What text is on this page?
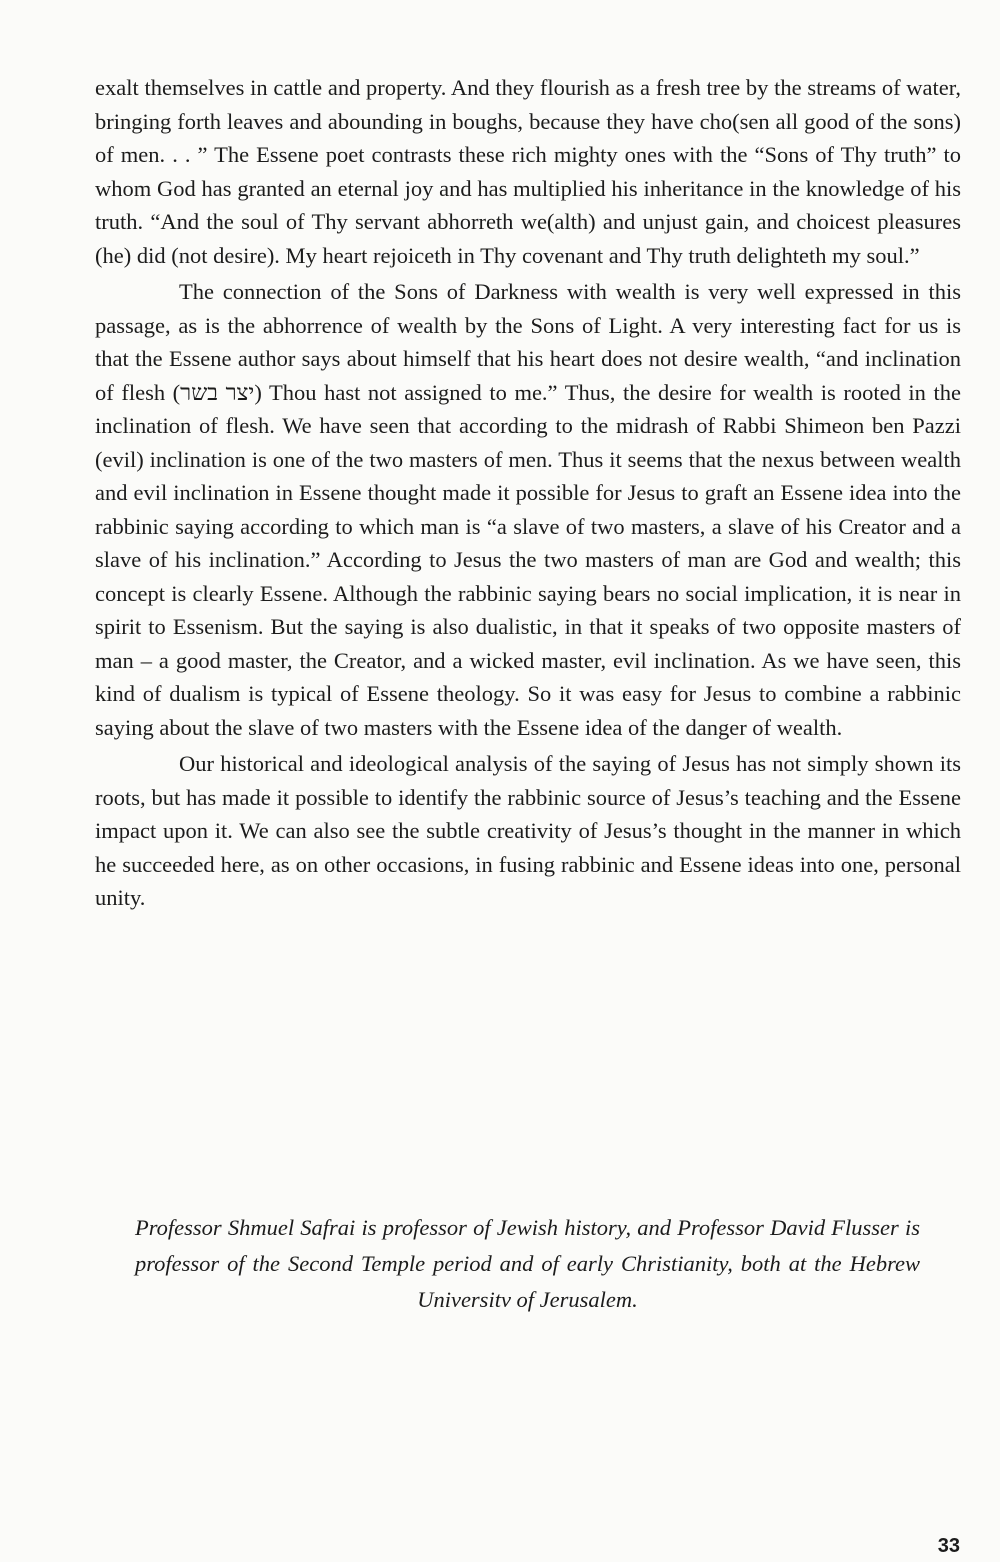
exalt themselves in cattle and property. And they flourish as a fresh tree by the streams of water, bringing forth leaves and abounding in boughs, because they have cho(sen all good of the sons) of men. . . ” The Essene poet contrasts these rich mighty ones with the “Sons of Thy truth” to whom God has granted an eternal joy and has multiplied his inheritance in the knowledge of his truth. “And the soul of Thy servant abhorreth we(alth) and unjust gain, and choicest pleasures (he) did (not desire). My heart rejoiceth in Thy covenant and Thy truth delighteth my soul.”

The connection of the Sons of Darkness with wealth is very well expressed in this passage, as is the abhorrence of wealth by the Sons of Light. A very interesting fact for us is that the Essene author says about himself that his heart does not desire wealth, “and inclination of flesh (יצר בשר) Thou hast not assigned to me.” Thus, the desire for wealth is rooted in the inclination of flesh. We have seen that according to the midrash of Rabbi Shimeon ben Pazzi (evil) inclination is one of the two masters of men. Thus it seems that the nexus between wealth and evil inclination in Essene thought made it possible for Jesus to graft an Essene idea into the rabbinic saying according to which man is “a slave of two masters, a slave of his Creator and a slave of his inclination.” According to Jesus the two masters of man are God and wealth; this concept is clearly Essene. Although the rabbinic saying bears no social implication, it is near in spirit to Essenism. But the saying is also dualistic, in that it speaks of two opposite masters of man – a good master, the Creator, and a wicked master, evil inclination. As we have seen, this kind of dualism is typical of Essene theology. So it was easy for Jesus to combine a rabbinic saying about the slave of two masters with the Essene idea of the danger of wealth.

Our historical and ideological analysis of the saying of Jesus has not simply shown its roots, but has made it possible to identify the rabbinic source of Jesus’s teaching and the Essene impact upon it. We can also see the subtle creativity of Jesus’s thought in the manner in which he succeeded here, as on other occasions, in fusing rabbinic and Essene ideas into one, personal unity.

Professor Shmuel Safrai is professor of Jewish history, and Professor David Flusser is professor of the Second Temple period and of early Christianity, both at the Hebrew Universitv of Jerusalem.
33
